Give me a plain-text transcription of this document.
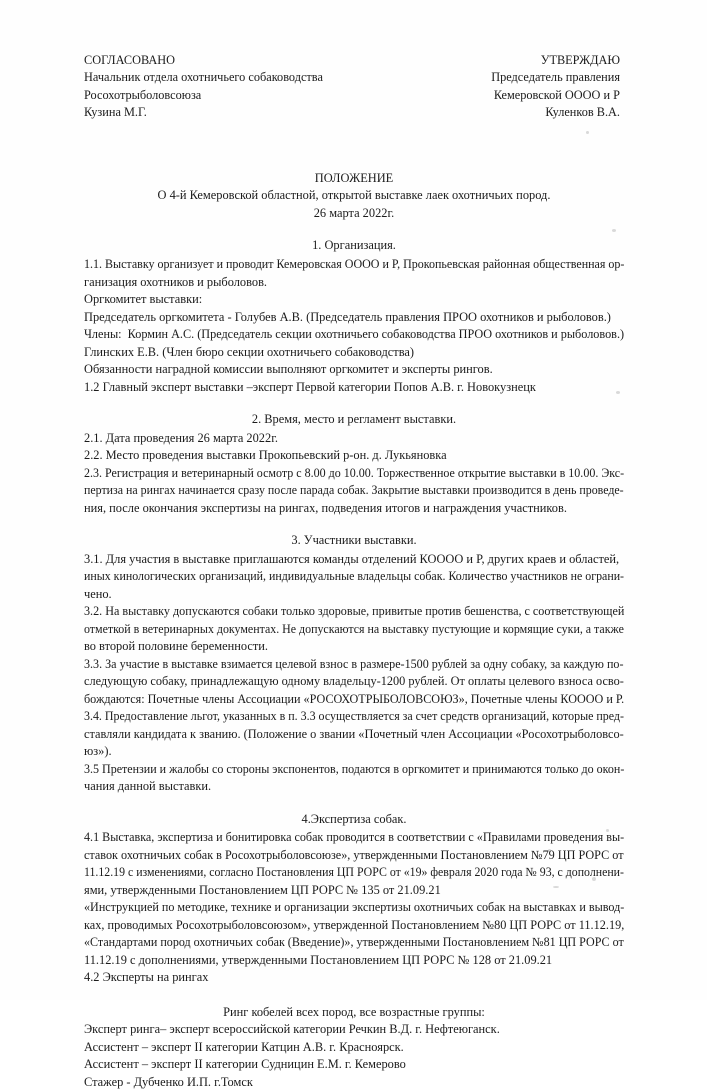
СОГЛАСОВАНО
Начальник отдела охотничьего собаководства
Росохотрыболовсоюза
Кузина М.Г.
УТВЕРЖДАЮ
Председатель правления
Кемеровской ОООО и Р
Куленков В.А.
ПОЛОЖЕНИЕ
О 4-й Кемеровской областной, открытой выставке лаек охотничьих пород.
26 марта 2022г.
1. Организация.
1.1. Выставку организует и проводит Кемеровская ОООО и Р, Прокопьевская районная общественная ор-
ганизация охотников и рыболовов.
Оргкомитет выставки:
Председатель оргкомитета - Голубев А.В. (Председатель правления ПРОО охотников и рыболовов.)
Члены:  Кормин А.С. (Председатель секции охотничьего собаководства ПРОО охотников и рыболовов.)
Глинских Е.В. (Член бюро секции охотничьего собаководства)
Обязанности наградной комиссии выполняют оргкомитет и эксперты рингов.
1.2 Главный эксперт выставки –эксперт Первой категории Попов А.В. г. Новокузнецк
2. Время, место и регламент выставки.
2.1. Дата проведения 26 марта 2022г.
2.2. Место проведения выставки Прокопьевский р-он. д. Лукьяновка
2.3. Регистрация и ветеринарный осмотр с 8.00 до 10.00. Торжественное открытие выставки в 10.00. Экс-
пертиза на рингах начинается сразу после парада собак. Закрытие выставки производится в день проведе-
ния, после окончания экспертизы на рингах, подведения итогов и награждения участников.
3. Участники выставки.
3.1. Для участия в выставке приглашаются команды отделений КОООО и Р, других краев и областей,
иных кинологических организаций, индивидуальные владельцы собак. Количество участников не ограни-
чено.
3.2. На выставку допускаются собаки только здоровые, привитые против бешенства, с соответствующей
отметкой в ветеринарных документах. Не допускаются на выставку пустующие и кормящие суки, а также
во второй половине беременности.
3.3. За участие в выставке взимается целевой взнос в размере-1500 рублей за одну собаку, за каждую по-
следующую собаку, принадлежащую одному владельцу-1200 рублей. От оплаты целевого взноса осво-
бождаются: Почетные члены Ассоциации «РОСОХОТРЫБОЛОВСОЮЗ», Почетные члены КОООО и Р.
3.4. Предоставление льгот, указанных в п. 3.3 осуществляется за счет средств организаций, которые пред-
ставляли кандидата к званию. (Положение о звании «Почетный член Ассоциации «Росохотрыболовсо-
юз»).
3.5 Претензии и жалобы со стороны экспонентов, подаются в оргкомитет и принимаются только до окон-
чания данной выставки.
4.Экспертиза собак.
4.1 Выставка, экспертиза и бонитировка собак проводится в соответствии с «Правилами проведения вы-
ставок охотничьих собак в Росохотрыболовсоюзе», утвержденными Постановлением №79 ЦП РОРС от
11.12.19 с изменениями, согласно Постановления ЦП РОРС от «19» февраля 2020 года № 93, с дополнени-
ями, утвержденными Постановлением ЦП РОРС № 135 от 21.09.21
«Инструкцией по методике, технике и организации экспертизы охотничьих собак на выставках и вывод-
ках, проводимых Росохотрыболовсоюзом», утвержденной Постановлением №80 ЦП РОРС от 11.12.19,
«Стандартами пород охотничьих собак (Введение)», утвержденными Постановлением №81 ЦП РОРС от
11.12.19 с дополнениями, утвержденными Постановлением ЦП РОРС № 128 от 21.09.21
4.2 Эксперты на рингах
Ринг кобелей всех пород, все возрастные группы:
Эксперт ринга– эксперт всероссийской категории Речкин В.Д. г. Нефтеюганск.
Ассистент – эксперт II категории Катцин А.В. г. Красноярск.
Ассистент – эксперт II категории Судницин Е.М. г. Кемерово
Стажер - Дубченко И.П. г.Томск
